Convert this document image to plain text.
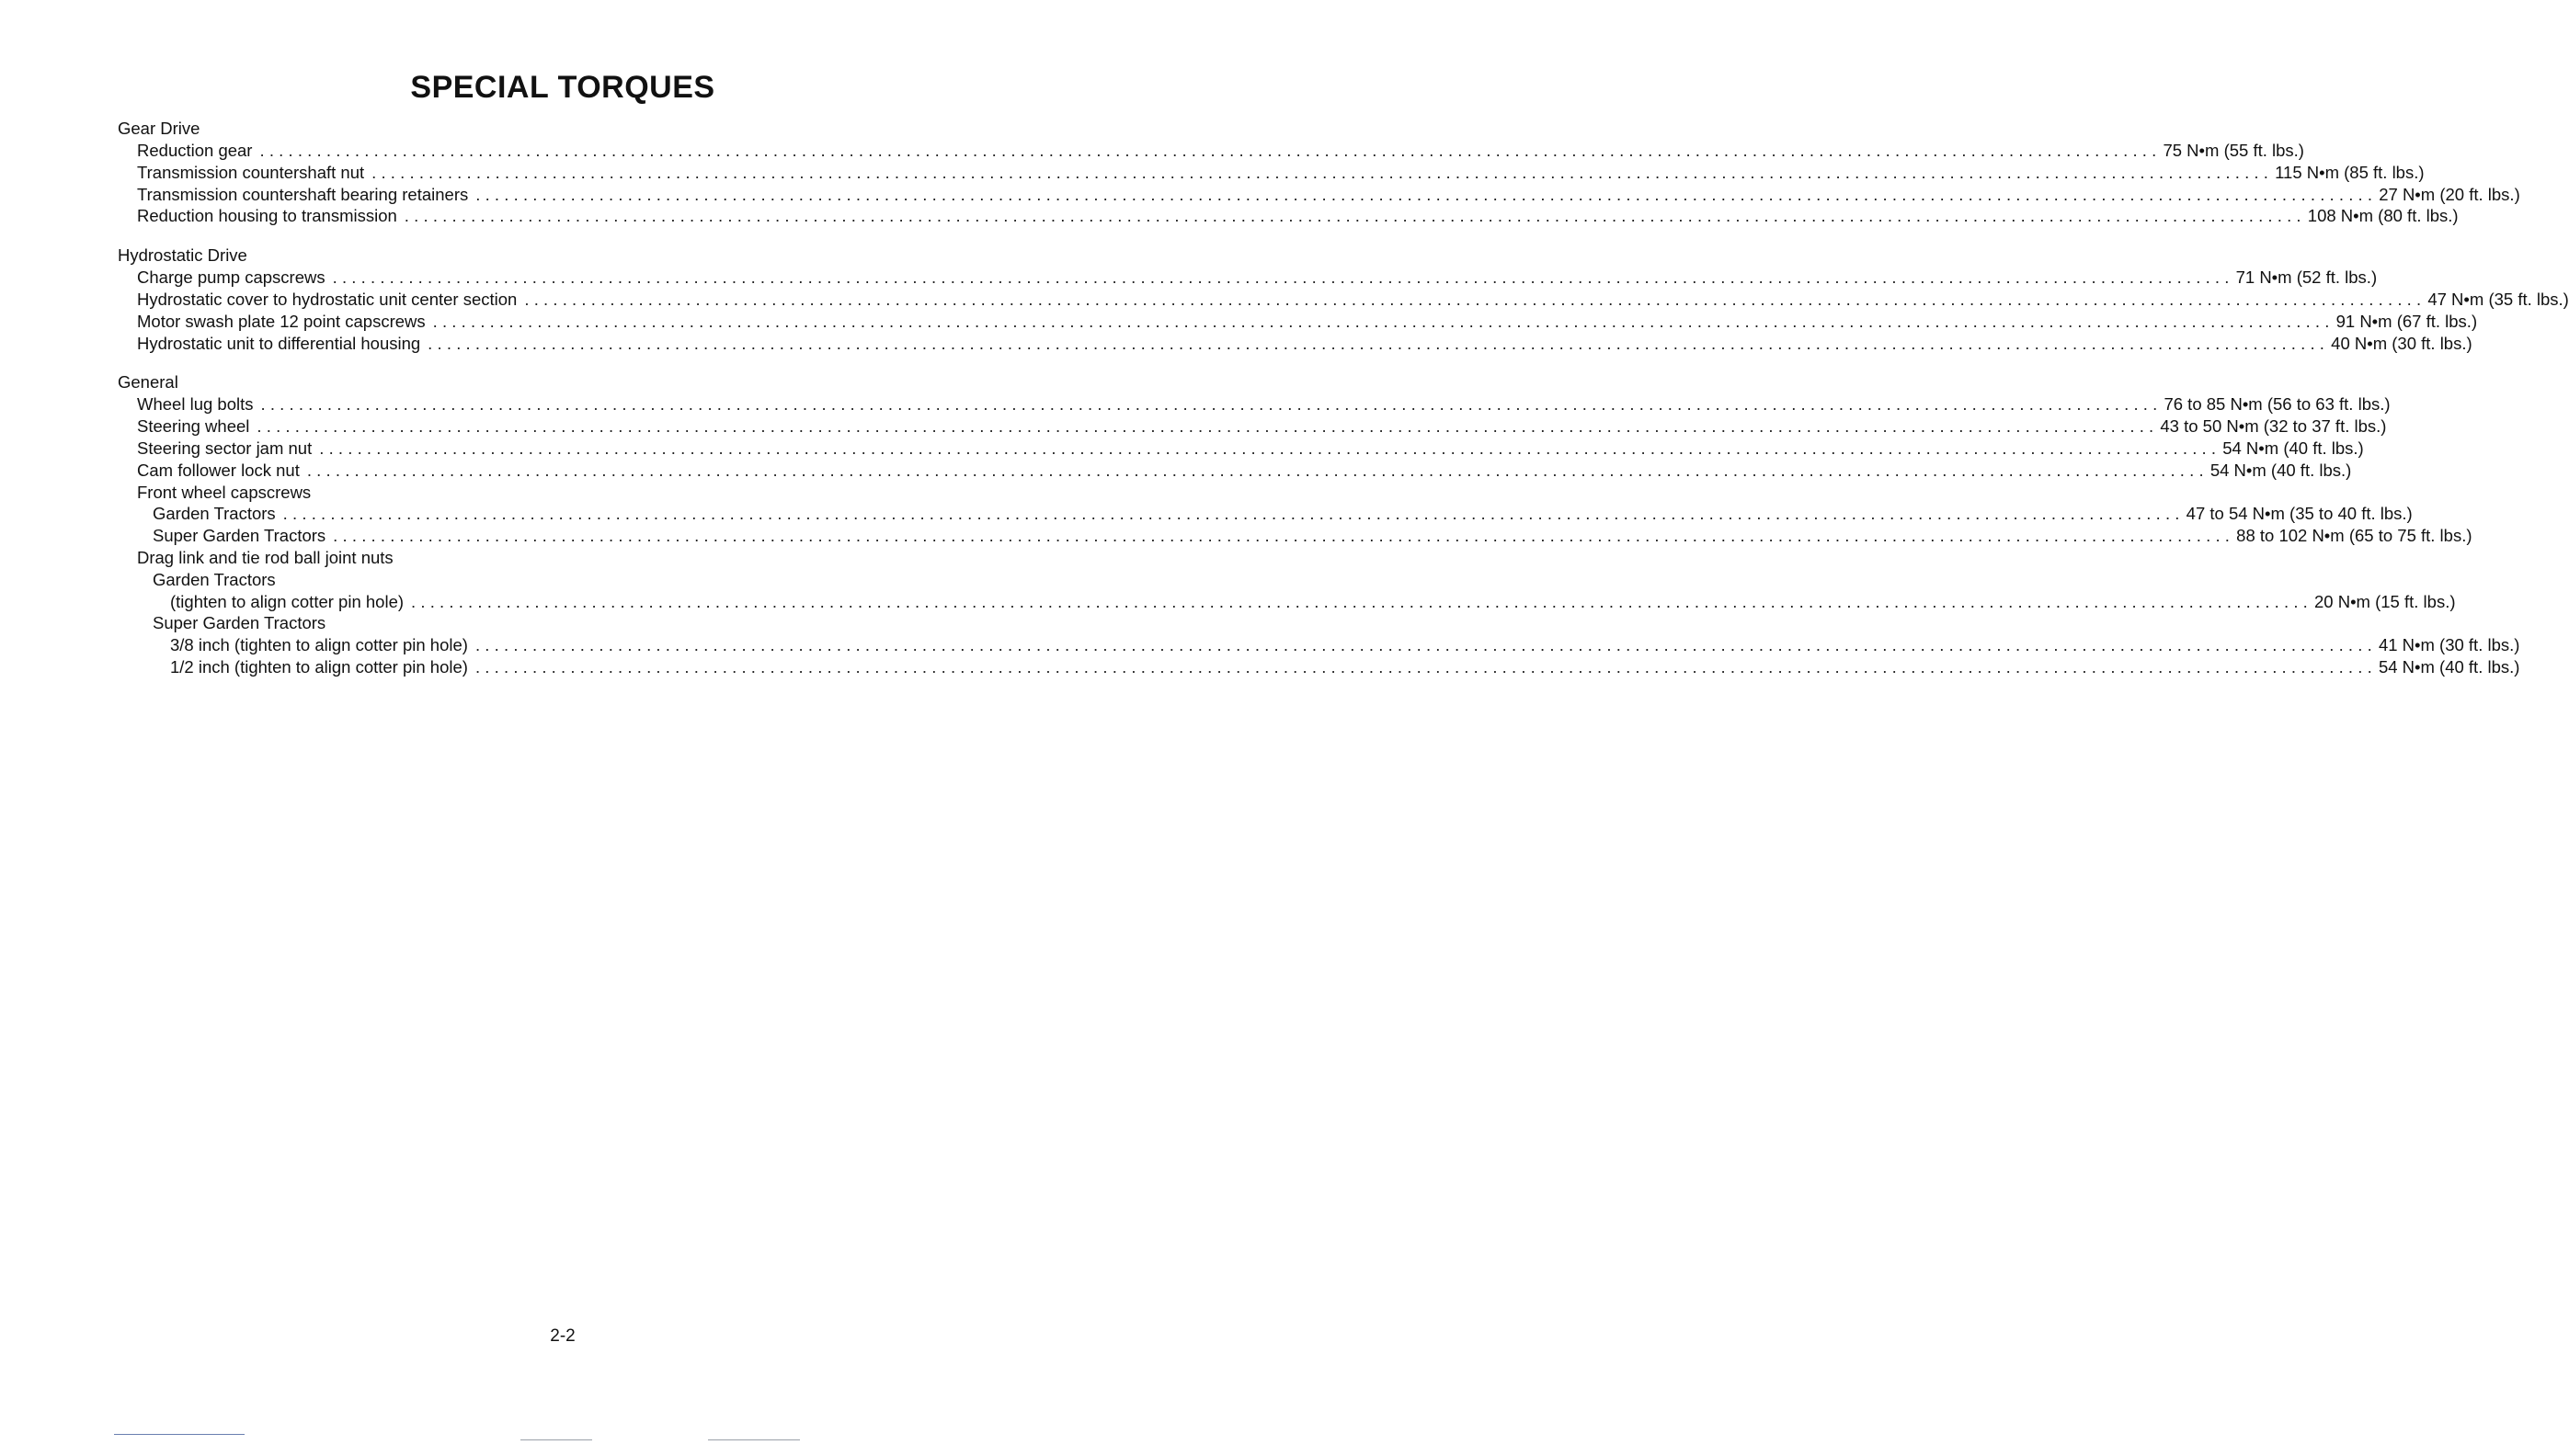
SPECIAL TORQUES
Gear Drive
Reduction gear ........................................................................................................................................................................................................ 75 N•m (55 ft. lbs.)
Transmission countershaft nut ........................................................................................................................................................................................................ 115 N•m (85 ft. lbs.)
Transmission countershaft bearing retainers ........................................................................................................................................................................................................ 27 N•m (20 ft. lbs.)
Reduction housing to transmission ........................................................................................................................................................................................................ 108 N•m (80 ft. lbs.)
Hydrostatic Drive
Charge pump capscrews ........................................................................................................................................................................................................ 71 N•m (52 ft. lbs.)
Hydrostatic cover to hydrostatic unit center section ........................................................................................................................................................................................................ 47 N•m (35 ft. lbs.)
Motor swash plate 12 point capscrews ........................................................................................................................................................................................................ 91 N•m (67 ft. lbs.)
Hydrostatic unit to differential housing ........................................................................................................................................................................................................ 40 N•m (30 ft. lbs.)
General
Wheel lug bolts ........................................................................................................................................................................................................ 76 to 85 N•m (56 to 63 ft. lbs.)
Steering wheel ........................................................................................................................................................................................................ 43 to 50 N•m (32 to 37 ft. lbs.)
Steering sector jam nut ........................................................................................................................................................................................................ 54 N•m (40 ft. lbs.)
Cam follower lock nut ........................................................................................................................................................................................................ 54 N•m (40 ft. lbs.)
Front wheel capscrews
Garden Tractors ........................................................................................................................................................................................................ 47 to 54 N•m (35 to 40 ft. lbs.)
Super Garden Tractors ........................................................................................................................................................................................................ 88 to 102 N•m (65 to 75 ft. lbs.)
Drag link and tie rod ball joint nuts
Garden Tractors
(tighten to align cotter pin hole) ........................................................................................................................................................................................................ 20 N•m (15 ft. lbs.)
Super Garden Tractors
3/8 inch (tighten to align cotter pin hole) ........................................................................................................................................................................................................ 41 N•m (30 ft. lbs.)
1/2 inch (tighten to align cotter pin hole) ........................................................................................................................................................................................................ 54 N•m (40 ft. lbs.)

2-2
